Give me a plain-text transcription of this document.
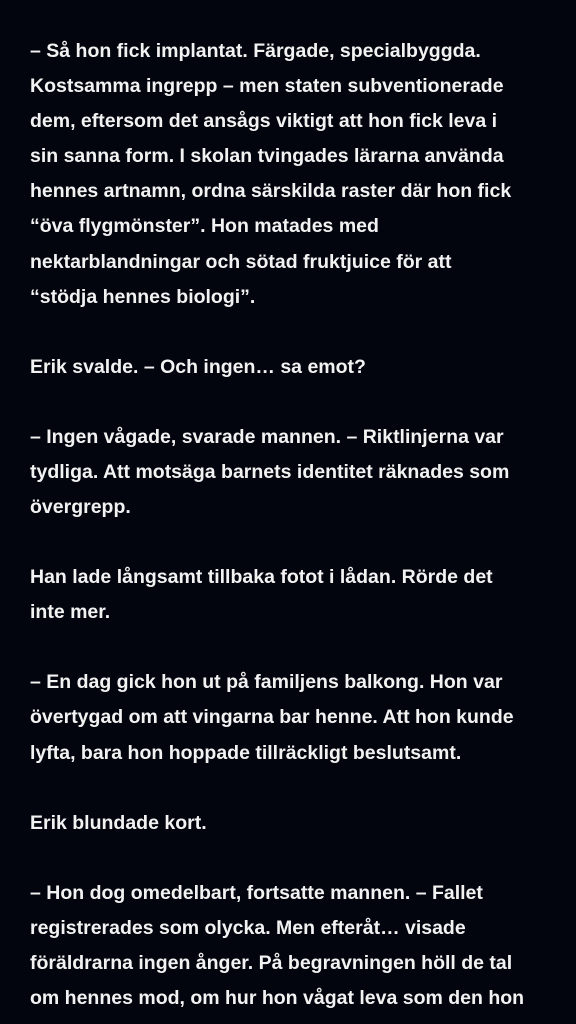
– Så hon fick implantat. Färgade, specialbyggda.
Kostsamma ingrepp – men staten subventionerade
dem, eftersom det ansågs viktigt att hon fick leva i
sin sanna form. I skolan tvingades lärarna använda
hennes artnamn, ordna särskilda raster där hon fick
“öva flygmönster”. Hon matades med
nektarblandningar och sötad fruktjuice för att
“stödja hennes biologi”.

Erik svalde. – Och ingen… sa emot?

– Ingen vågade, svarade mannen. – Riktlinjerna var
tydliga. Att motsäga barnets identitet räknades som
övergrepp.

Han lade långsamt tillbaka fotot i lådan. Rörde det
inte mer.

– En dag gick hon ut på familjens balkong. Hon var
övertygad om att vingarna bar henne. Att hon kunde
lyfta, bara hon hoppade tillräckligt beslutsamt.

Erik blundade kort.

– Hon dog omedelbart, fortsatte mannen. – Fallet
registrerades som olycka. Men efteråt… visade
föräldrarna ingen ånger. På begravningen höll de tal
om hennes mod, om hur hon vågat leva som den hon
